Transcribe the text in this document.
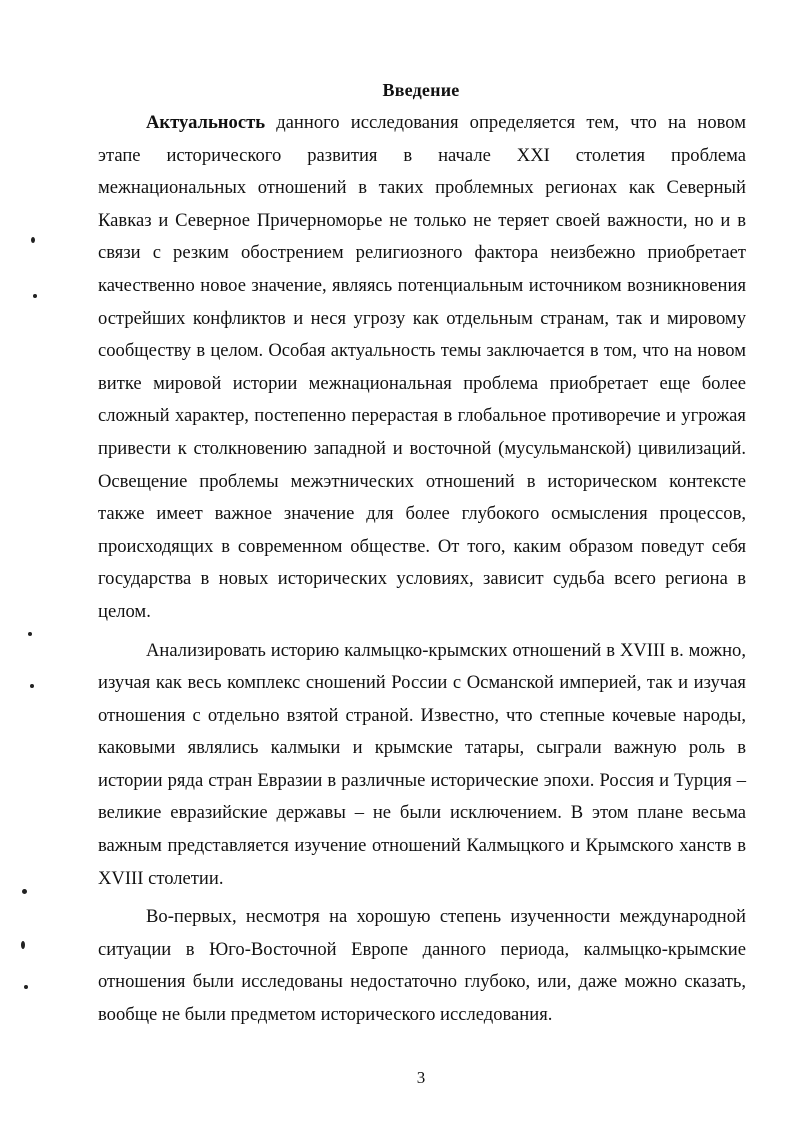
Введение

Актуальность данного исследования определяется тем, что на новом этапе исторического развития в начале XXI столетия проблема межнациональных отношений в таких проблемных регионах как Северный Кавказ и Северное Причерноморье не только не теряет своей важности, но и в связи с резким обострением религиозного фактора неизбежно приобретает качественно новое значение, являясь потенциальным источником возникновения острейших конфликтов и неся угрозу как отдельным странам, так и мировому сообществу в целом. Особая актуальность темы заключается в том, что на новом витке мировой истории межнациональная проблема приобретает еще более сложный характер, постепенно перерастая в глобальное противоречие и угрожая привести к столкновению западной и восточной (мусульманской) цивилизаций. Освещение проблемы межэтнических отношений в историческом контексте также имеет важное значение для более глубокого осмысления процессов, происходящих в современном обществе. От того, каким образом поведут себя государства в новых исторических условиях, зависит судьба всего региона в целом.

Анализировать историю калмыцко-крымских отношений в XVIII в. можно, изучая как весь комплекс сношений России с Османской империей, так и изучая отношения с отдельно взятой страной. Известно, что степные кочевые народы, каковыми являлись калмыки и крымские татары, сыграли важную роль в истории ряда стран Евразии в различные исторические эпохи. Россия и Турция – великие евразийские державы – не были исключением. В этом плане весьма важным представляется изучение отношений Калмыцкого и Крымского ханств в XVIII столетии.

Во-первых, несмотря на хорошую степень изученности международной ситуации в Юго-Восточной Европе данного периода, калмыцко-крымские отношения были исследованы недостаточно глубоко, или, даже можно сказать, вообще не были предметом исторического исследования.

3
